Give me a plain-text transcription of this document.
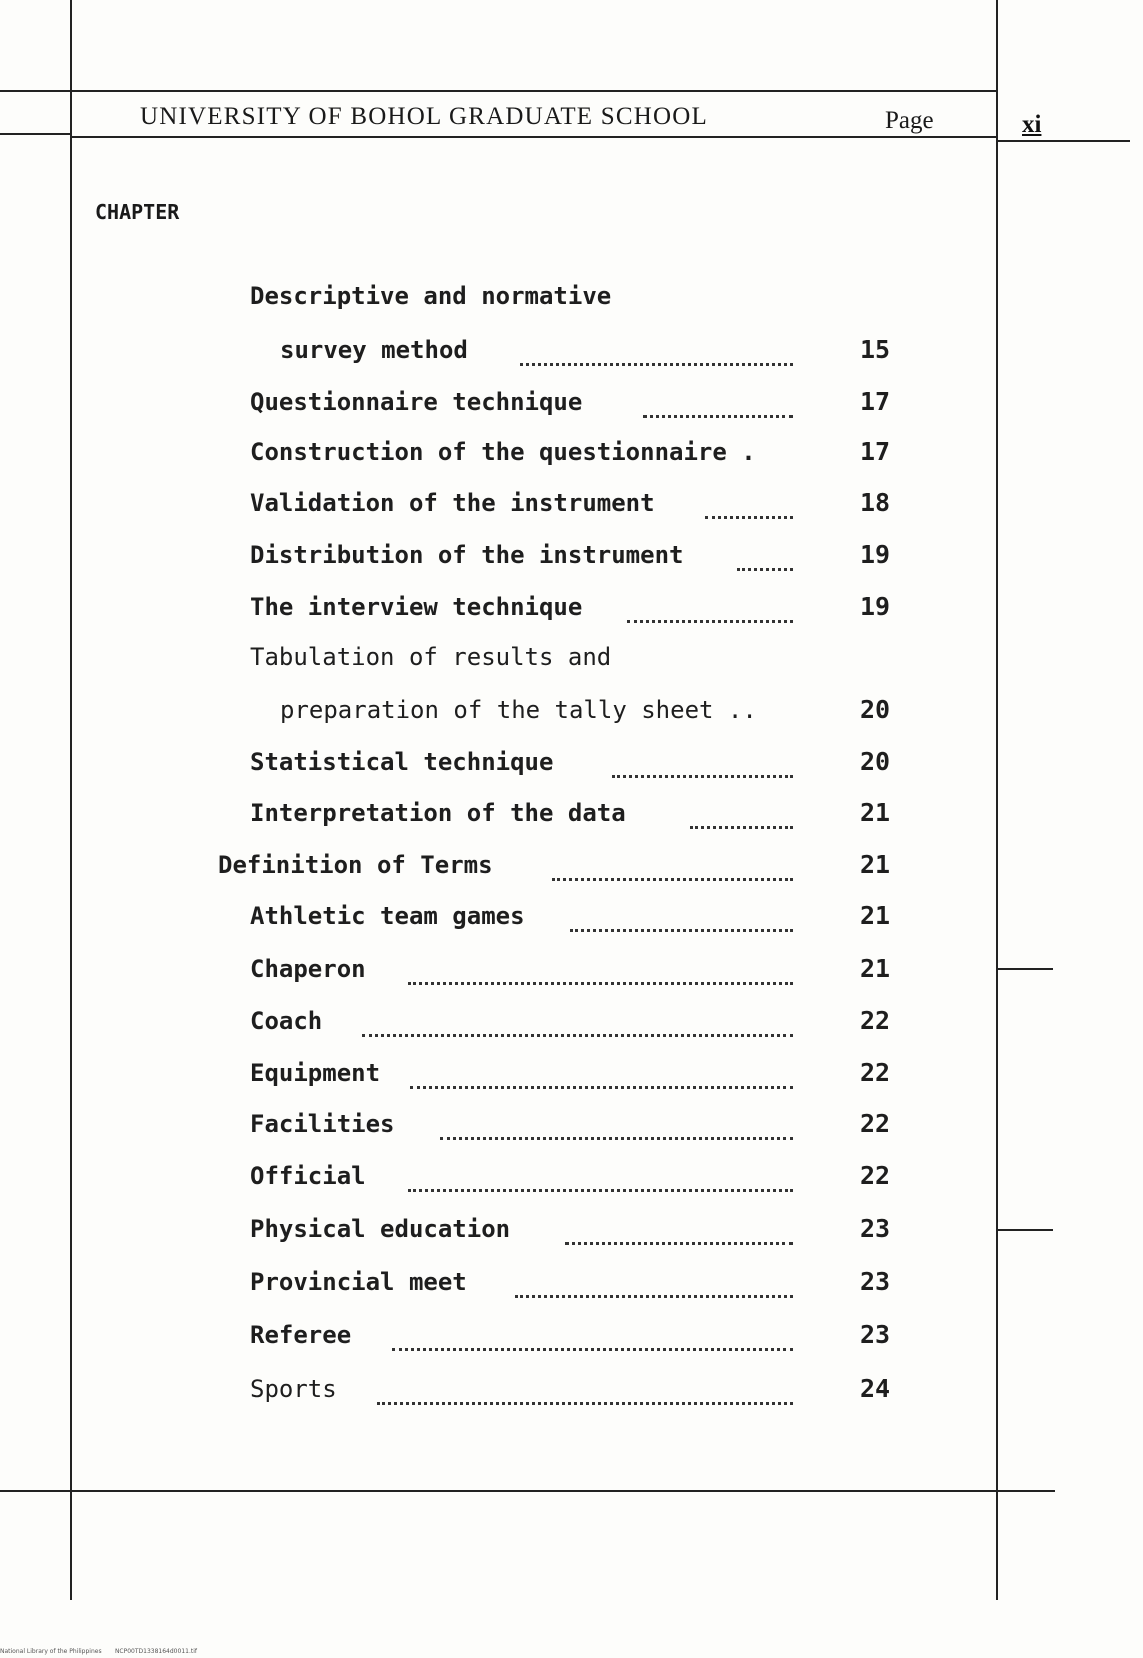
UNIVERSITY OF BOHOL GRADUATE SCHOOL	Page	xi
CHAPTER
Descriptive and normative
survey method	15
Questionnaire technique	17
Construction of the questionnaire .	17
Validation of the instrument	18
Distribution of the instrument	19
The interview technique	19
Tabulation of results and
preparation of the tally sheet ..	20
Statistical technique	20
Interpretation of the data	21
Definition of Terms	21
Athletic team games	21
Chaperon	21
Coach	22
Equipment	22
Facilities	22
Official	22
Physical education	23
Provincial meet	23
Referee	23
Sports	24
National Library of the Philippines NCP00TD1338164d0011.tif
